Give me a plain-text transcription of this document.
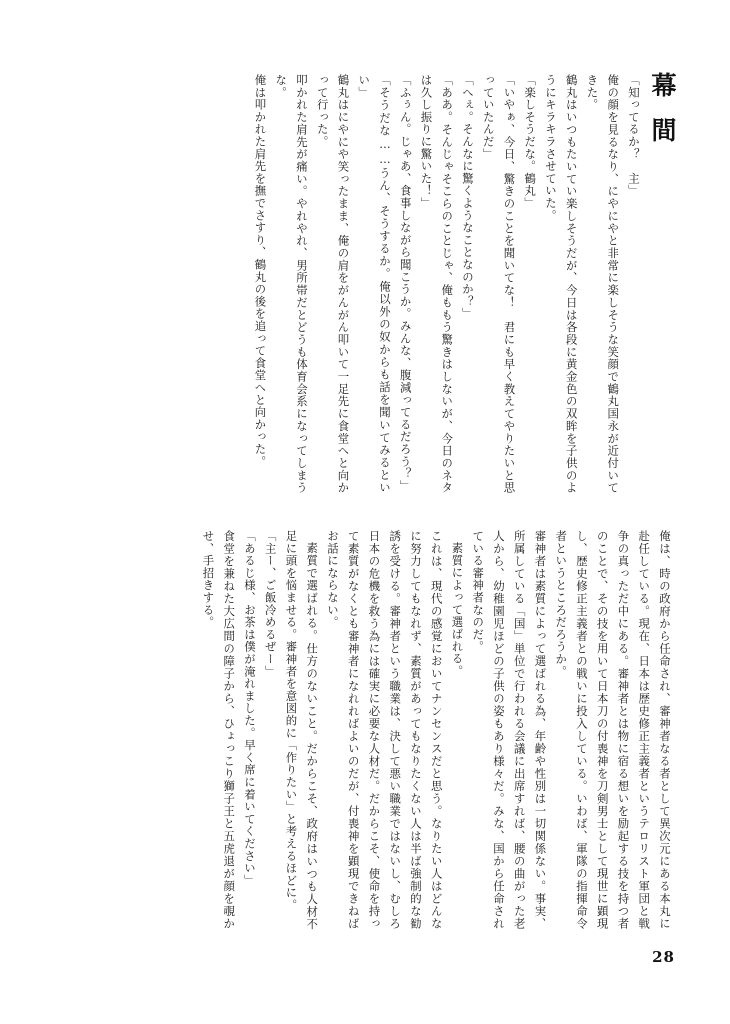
幕間
「知ってるか？　主」
俺の顔を見るなり、にやにやと非常に楽しそうな笑顔で鶴丸国永が近付いてきた。
鶴丸はいつもたいてい楽しそうだが、今日は各段に黄金色の双眸を子供のようにキラキラさせていた。
「楽しそうだな。鶴丸」
「いやぁ、今日、驚きのことを聞いてな！　君にも早く教えてやりたいと思っていたんだ」
「へぇ。そんなに驚くようなことなのか？」
「ああ。そんじゃそこらのことじゃ、俺ももう驚きはしないが、今日のネタは久し振りに驚いた！」
「ふぅん。じゃあ、食事しながら聞こうか。みんな、腹減ってるだろう？」
「そうだな……うん、そうするか。俺以外の奴からも話を聞いてみるといい」
鶴丸はにやにや笑ったまま、俺の肩をがんがん叩いて一足先に食堂へと向かって行った。
叩かれた肩先が痛い。やれやれ、男所帯だとどうも体育会系になってしまうな。
俺は叩かれた肩先を撫でさすり、鶴丸の後を追って食堂へと向かった。
俺は、時の政府から任命され、審神者なる者として異次元にある本丸に赴任している。現在、日本は歴史修正主義者というテロリスト軍団と戦争の真っただ中にある。審神者とは物に宿る想いを励起する技を持つ者のことで、その技を用いて日本刀の付喪神を刀剣男士として現世に顕現し、歴史修正主義者との戦いに投入している。いわば、軍隊の指揮命令者というところだろうか。
審神者は素質によって選ばれる為、年齢や性別は一切関係ない。事実、所属している「国」単位で行われる会議に出席すれば、腰の曲がった老人から、幼稚園児ほどの子供の姿もあり様々だ。みな、国から任命されている審神者なのだ。
素質によって選ばれる。
これは、現代の感覚においてナンセンスだと思う。なりたい人はどんなに努力してもなれず、素質があってもなりたくない人は半ば強制的な勧誘を受ける。審神者という職業は、決して悪い職業ではないし、むしろ日本の危機を救う為には確実に必要な人材だ。だからこそ、使命を持って素質がなくとも審神者になれればよいのだが、付喪神を顕現できねばお話にならない。
素質で選ばれる。仕方のないこと。だからこそ、政府はいつも人材不足に頭を悩ませる。審神者を意図的に「作りたい」と考えるほどに。
「主ー、ご飯冷めるぜー」
「あるじ様、お茶は僕が淹れました。早く席に着いてください」
食堂を兼ねた大広間の障子から、ひょっこり獅子王と五虎退が顔を覗かせ、手招きする。
28
